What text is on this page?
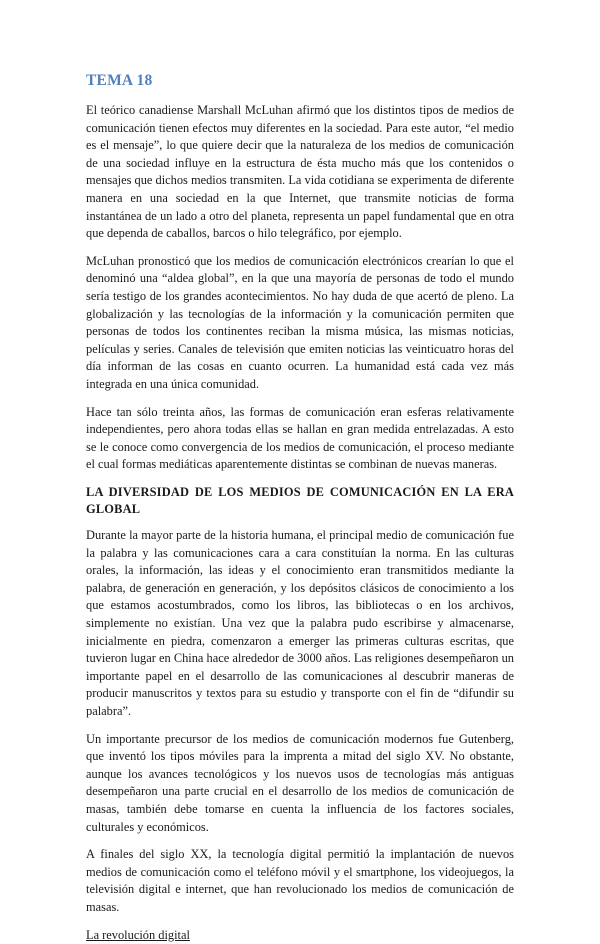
TEMA 18

El teórico canadiense Marshall McLuhan afirmó que los distintos tipos de medios de comunicación tienen efectos muy diferentes en la sociedad. Para este autor, “el medio es el mensaje”, lo que quiere decir que la naturaleza de los medios de comunicación de una sociedad influye en la estructura de ésta mucho más que los contenidos o mensajes que dichos medios transmiten. La vida cotidiana se experimenta de diferente manera en una sociedad en la que Internet, que transmite noticias de forma instantánea de un lado a otro del planeta, representa un papel fundamental que en otra que dependa de caballos, barcos o hilo telegráfico, por ejemplo.

McLuhan pronosticó que los medios de comunicación electrónicos crearían lo que el denominó una “aldea global”, en la que una mayoría de personas de todo el mundo sería testigo de los grandes acontecimientos. No hay duda de que acertó de pleno. La globalización y las tecnologías de la información y la comunicación permiten que personas de todos los continentes reciban la misma música, las mismas noticias, películas y series. Canales de televisión que emiten noticias las veinticuatro horas del día informan de las cosas en cuanto ocurren. La humanidad está cada vez más integrada en una única comunidad.

Hace tan sólo treinta años, las formas de comunicación eran esferas relativamente independientes, pero ahora todas ellas se hallan en gran medida entrelazadas. A esto se le conoce como convergencia de los medios de comunicación, el proceso mediante el cual formas mediáticas aparentemente distintas se combinan de nuevas maneras.

LA DIVERSIDAD DE LOS MEDIOS DE COMUNICACIÓN EN LA ERA GLOBAL

Durante la mayor parte de la historia humana, el principal medio de comunicación fue la palabra y las comunicaciones cara a cara constituían la norma. En las culturas orales, la información, las ideas y el conocimiento eran transmitidos mediante la palabra, de generación en generación, y los depósitos clásicos de conocimiento a los que estamos acostumbrados, como los libros, las bibliotecas o en los archivos, simplemente no existían. Una vez que la palabra pudo escribirse y almacenarse, inicialmente en piedra, comenzaron a emerger las primeras culturas escritas, que tuvieron lugar en China hace alrededor de 3000 años. Las religiones desempeñaron un importante papel en el desarrollo de las comunicaciones al descubrir maneras de producir manuscritos y textos para su estudio y transporte con el fin de “difundir su palabra”.

Un importante precursor de los medios de comunicación modernos fue Gutenberg, que inventó los tipos móviles para la imprenta a mitad del siglo XV. No obstante, aunque los avances tecnológicos y los nuevos usos de tecnologías más antiguas desempeñaron una parte crucial en el desarrollo de los medios de comunicación de masas, también debe tomarse en cuenta la influencia de los factores sociales, culturales y económicos.

A finales del siglo XX, la tecnología digital permitió la implantación de nuevos medios de comunicación como el teléfono móvil y el smartphone, los videojuegos, la televisión digital e internet, que han revolucionado los medios de comunicación de masas.

La revolución digital
